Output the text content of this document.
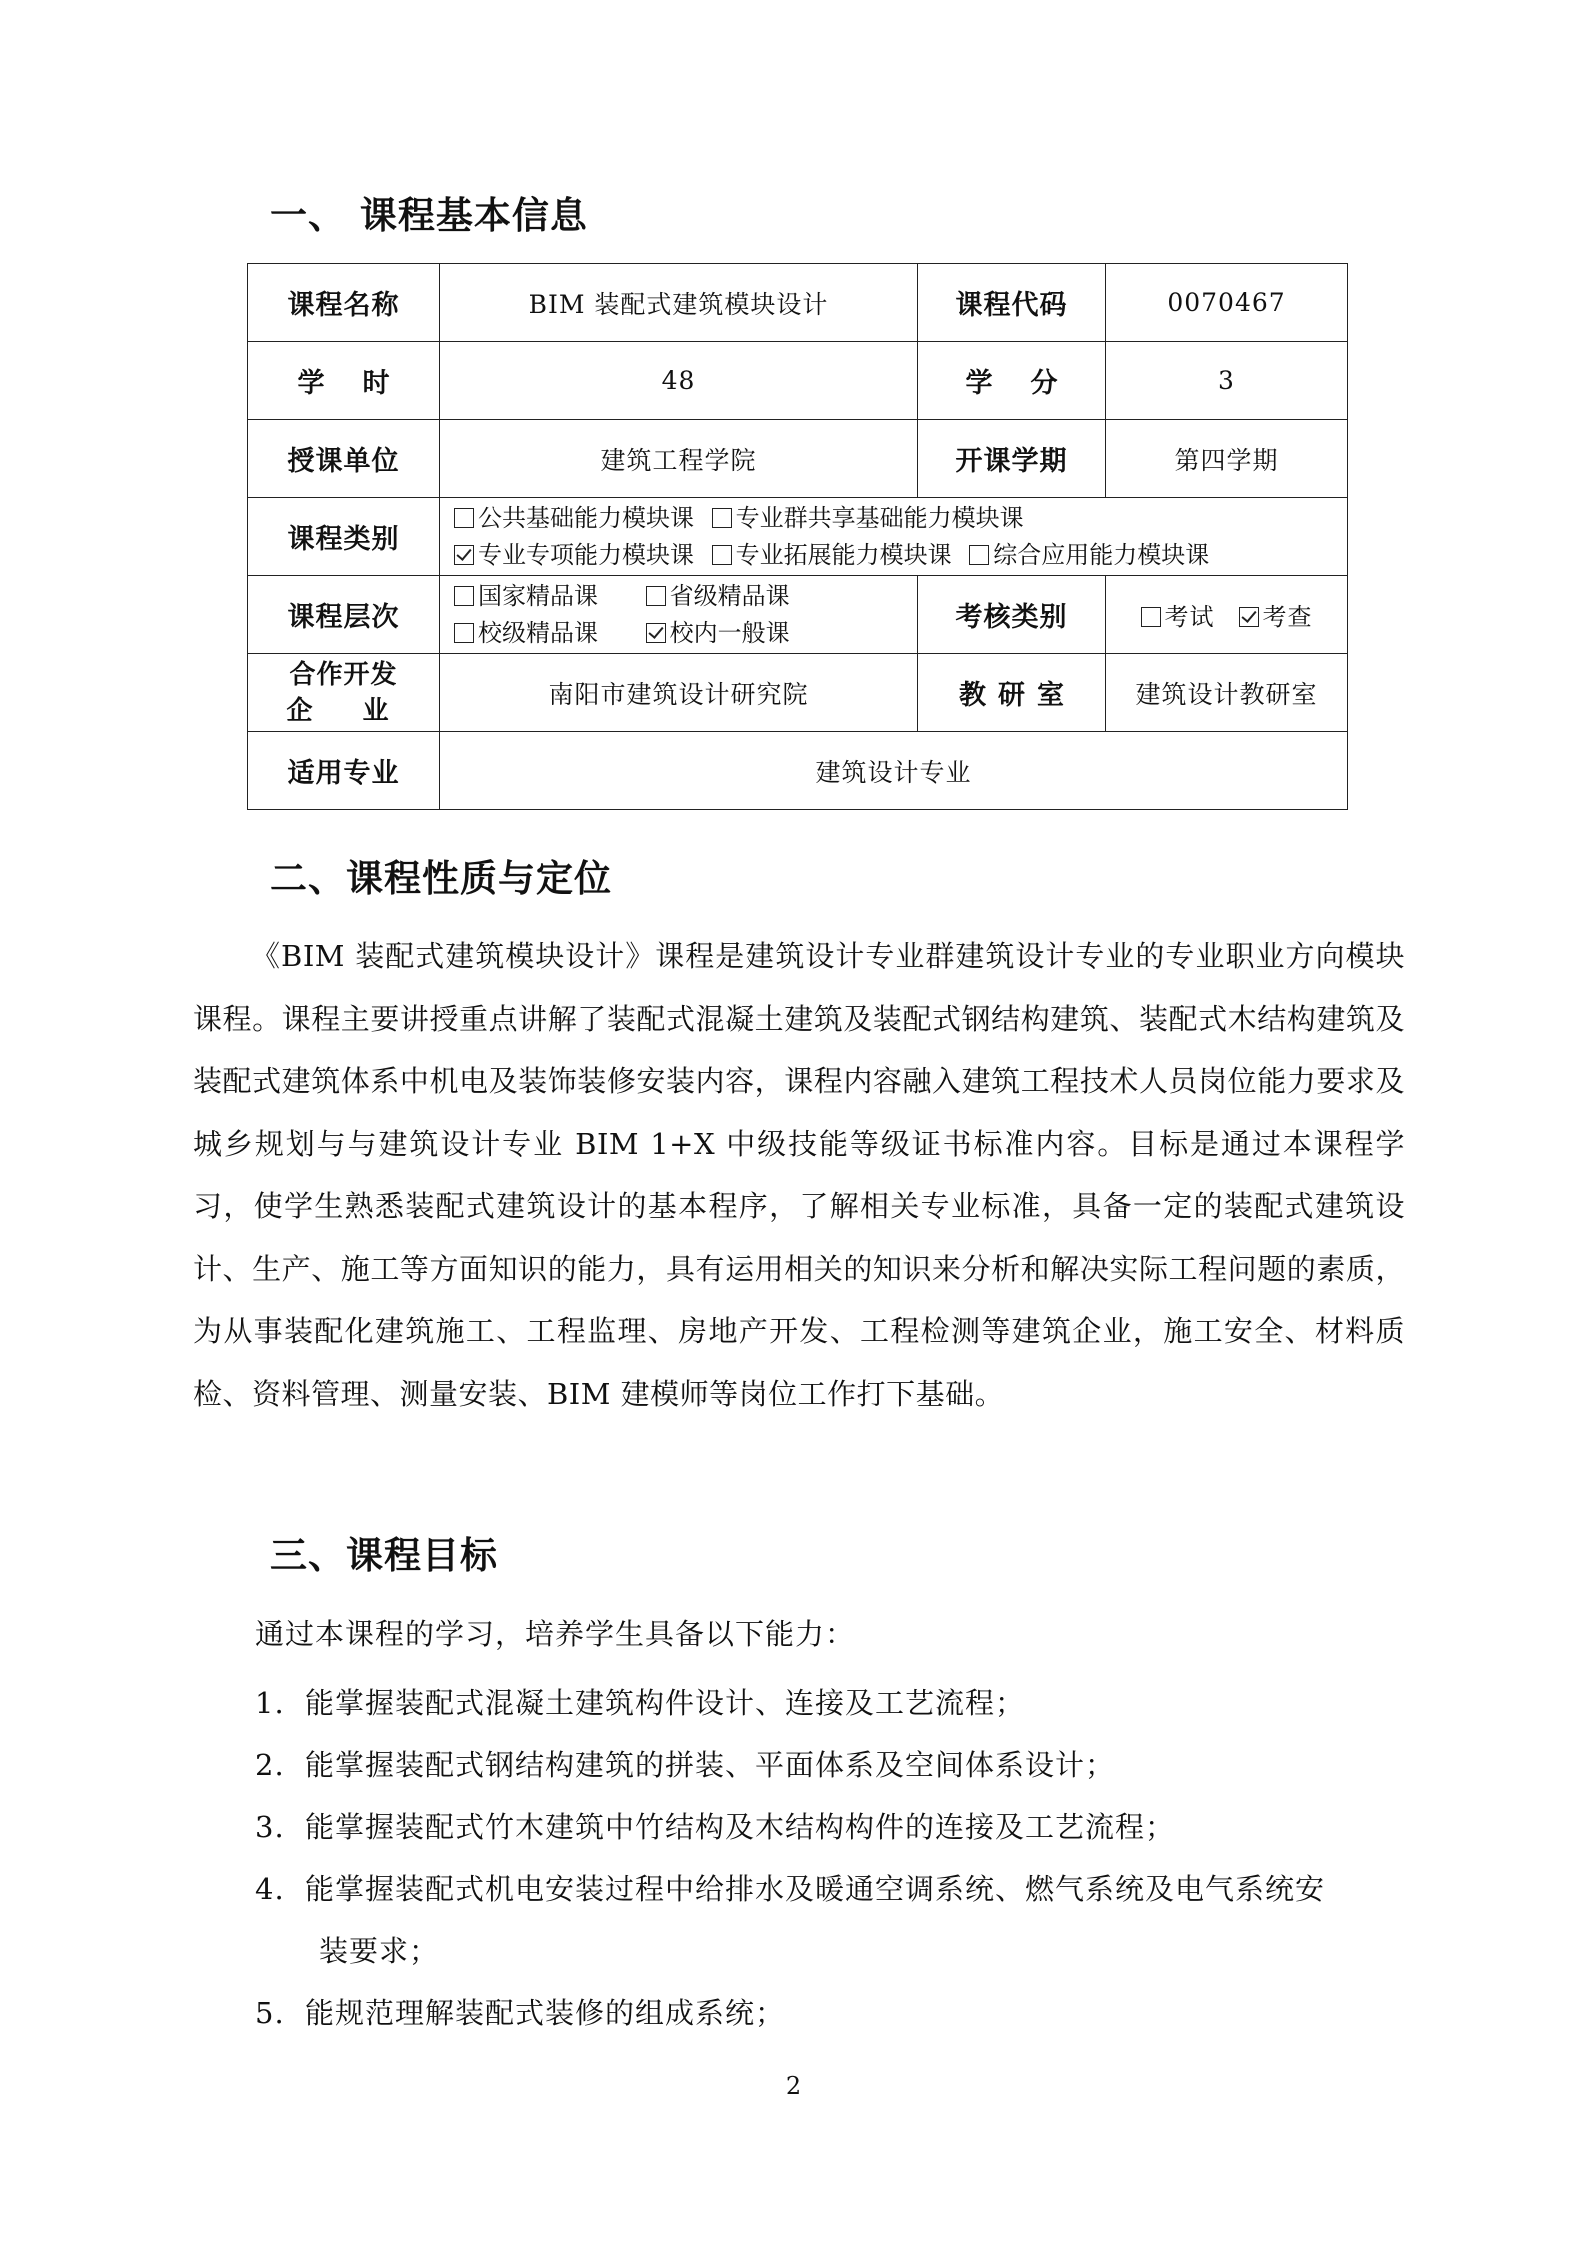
一、 课程基本信息
课程名称	BIM 装配式建筑模块设计	课程代码	0070467
学时	48	学分	3
授课单位	建筑工程学院	开课学期	第四学期
课程类别	公共基础能力模块课 专业群共享基础能力模块课
专业专项能力模块课 专业拓展能力模块课 综合应用能力模块课		

课程层次	国家精品课 省级精品课
校级精品课 校内一般课	考核类别	考试 考查

合作开发
企业	南阳市建筑设计研究院	教研室	建筑设计教研室
适用专业	建筑设计专业		
二、课程性质与定位

《BIM 装配式建筑模块设计》课程是建筑设计专业群建筑设计专业的专业职业方向模块课程。课程主要讲授重点讲解了装配式混凝土建筑及装配式钢结构建筑、装配式木结构建筑及装配式建筑体系中机电及装饰装修安装内容，课程内容融入建筑工程技术人员岗位能力要求及城乡规划与与建筑设计专业 BIM 1+X 中级技能等级证书标准内容。目标是通过本课程学习，使学生熟悉装配式建筑设计的基本程序，了解相关专业标准，具备一定的装配式建筑设计、生产、施工等方面知识的能力，具有运用相关的知识来分析和解决实际工程问题的素质，为从事装配化建筑施工、工程监理、房地产开发、工程检测等建筑企业，施工安全、材料质检、资料管理、测量安装、BIM 建模师等岗位工作打下基础。

三、课程目标

通过本课程的学习，培养学生具备以下能力：

1. 能掌握装配式混凝土建筑构件设计、连接及工艺流程；
2. 能掌握装配式钢结构建筑的拼装、平面体系及空间体系设计；
3. 能掌握装配式竹木建筑中竹结构及木结构构件的连接及工艺流程；
4. 能掌握装配式机电安装过程中给排水及暖通空调系统、燃气系统及电气系统安
装要求；
5. 能规范理解装配式装修的组成系统；

2
